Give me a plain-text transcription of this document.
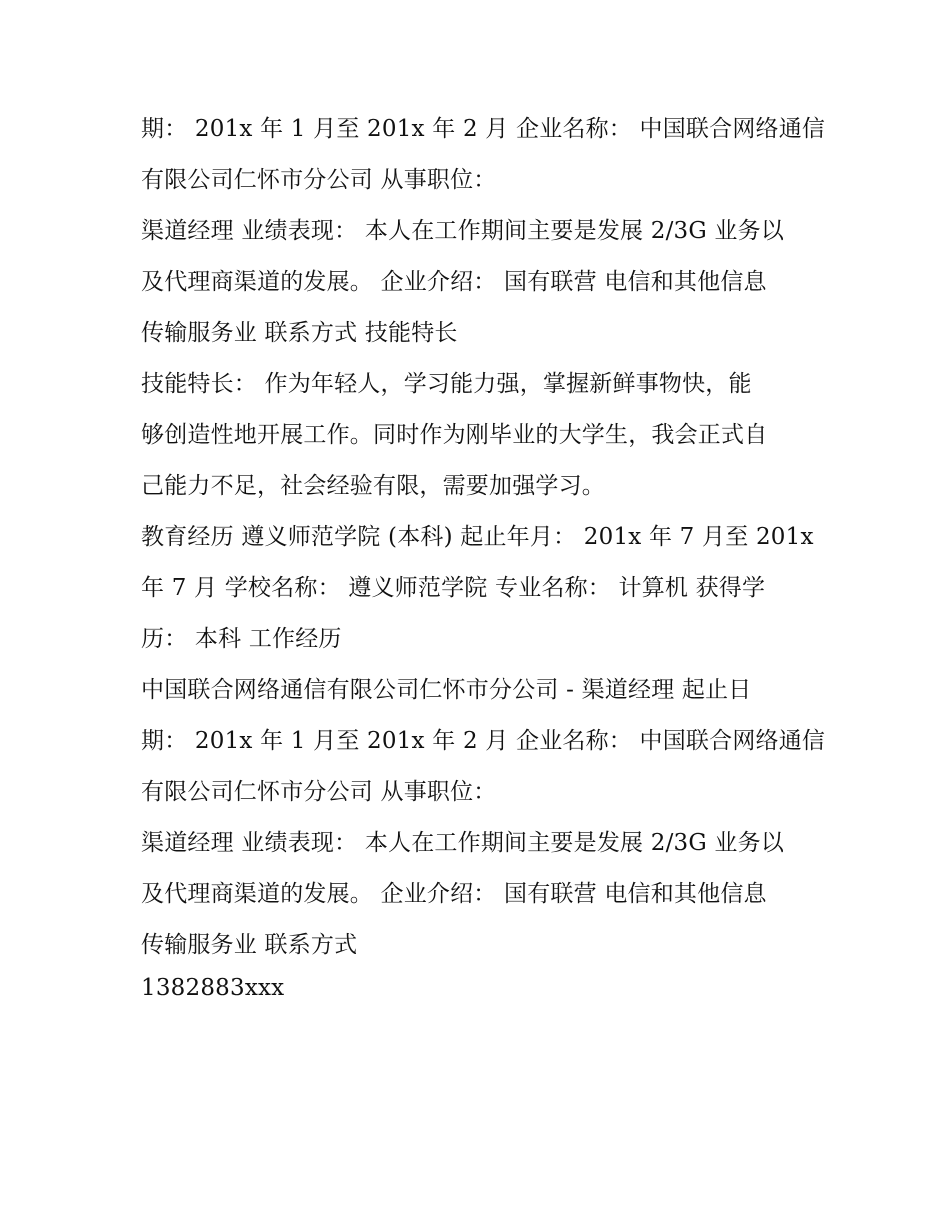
期： 201x 年 1 月至 201x 年 2 月 企业名称： 中国联合网络通信
有限公司仁怀市分公司 从事职位：
渠道经理 业绩表现： 本人在工作期间主要是发展 2/3G 业务以
及代理商渠道的发展。 企业介绍： 国有联营 电信和其他信息
传输服务业 联系方式 技能特长
技能特长： 作为年轻人，学习能力强，掌握新鲜事物快，能
够创造性地开展工作。同时作为刚毕业的大学生，我会正式自
己能力不足，社会经验有限，需要加强学习。
教育经历 遵义师范学院 (本科) 起止年月： 201x 年 7 月至 201x
年 7 月 学校名称： 遵义师范学院 专业名称： 计算机 获得学
历： 本科 工作经历
中国联合网络通信有限公司仁怀市分公司 - 渠道经理 起止日
期： 201x 年 1 月至 201x 年 2 月 企业名称： 中国联合网络通信
有限公司仁怀市分公司 从事职位：
渠道经理 业绩表现： 本人在工作期间主要是发展 2/3G 业务以
及代理商渠道的发展。 企业介绍： 国有联营 电信和其他信息
传输服务业 联系方式
1382883xxx
